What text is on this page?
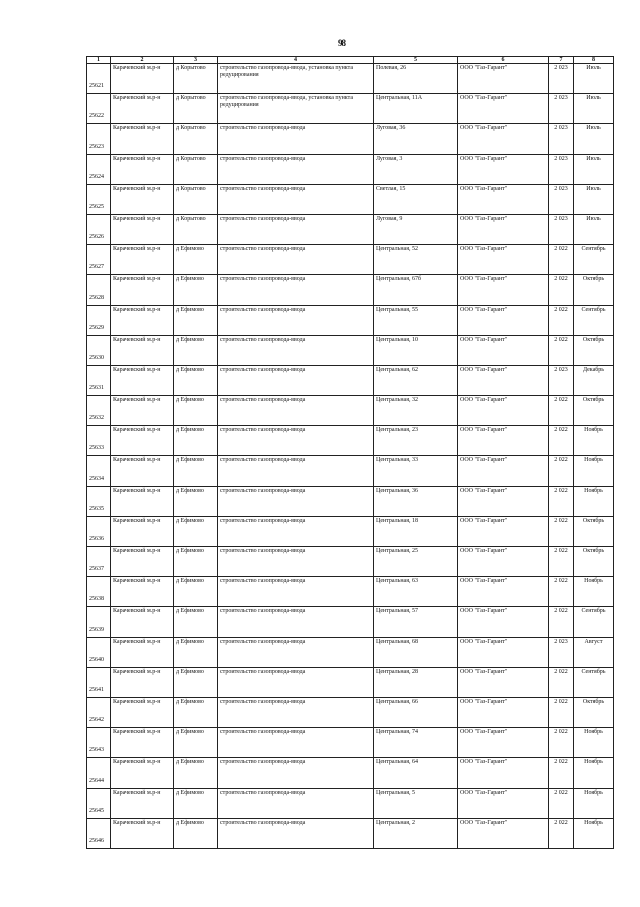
98
1	2	3	4	5	6	7	8
25621	Карачевский м.р-н	д Корытово	строительство газопровода-ввода, установка пункта редуцирования	Полевая, 26	ООО "Газ-Гарант"	2 023	Июль
25622	Карачевский м.р-н	д Корытово	строительство газопровода-ввода, установка пункта редуцирования	Центральная, 11А	ООО "Газ-Гарант"	2 023	Июль
25623	Карачевский м.р-н	д Корытово	строительство газопровода-ввода	Луговая, 36	ООО "Газ-Гарант"	2 023	Июль
25624	Карачевский м.р-н	д Корытово	строительство газопровода-ввода	Луговая, 3	ООО "Газ-Гарант"	2 023	Июль
25625	Карачевский м.р-н	д Корытово	строительство газопровода-ввода	Светлая, 15	ООО "Газ-Гарант"	2 023	Июль
25626	Карачевский м.р-н	д Корытово	строительство газопровода-ввода	Луговая, 9	ООО "Газ-Гарант"	2 023	Июль
25627	Карачевский м.р-н	д Ефимово	строительство газопровода-ввода	Центральная, 52	ООО "Газ-Гарант"	2 022	Сентябрь
25628	Карачевский м.р-н	д Ефимово	строительство газопровода-ввода	Центральная, 67б	ООО "Газ-Гарант"	2 022	Октябрь
25629	Карачевский м.р-н	д Ефимово	строительство газопровода-ввода	Центральная, 55	ООО "Газ-Гарант"	2 022	Сентябрь
25630	Карачевский м.р-н	д Ефимово	строительство газопровода-ввода	Центральная, 10	ООО "Газ-Гарант"	2 022	Октябрь
25631	Карачевский м.р-н	д Ефимово	строительство газопровода-ввода	Центральная, 62	ООО "Газ-Гарант"	2 023	Декабрь
25632	Карачевский м.р-н	д Ефимово	строительство газопровода-ввода	Центральная, 32	ООО "Газ-Гарант"	2 022	Октябрь
25633	Карачевский м.р-н	д Ефимово	строительство газопровода-ввода	Центральная, 23	ООО "Газ-Гарант"	2 022	Ноябрь
25634	Карачевский м.р-н	д Ефимово	строительство газопровода-ввода	Центральная, 33	ООО "Газ-Гарант"	2 022	Ноябрь
25635	Карачевский м.р-н	д Ефимово	строительство газопровода-ввода	Центральная, 36	ООО "Газ-Гарант"	2 022	Ноябрь
25636	Карачевский м.р-н	д Ефимово	строительство газопровода-ввода	Центральная, 18	ООО "Газ-Гарант"	2 022	Октябрь
25637	Карачевский м.р-н	д Ефимово	строительство газопровода-ввода	Центральная, 25	ООО "Газ-Гарант"	2 022	Октябрь
25638	Карачевский м.р-н	д Ефимово	строительство газопровода-ввода	Центральная, 63	ООО "Газ-Гарант"	2 022	Ноябрь
25639	Карачевский м.р-н	д Ефимово	строительство газопровода-ввода	Центральная, 57	ООО "Газ-Гарант"	2 022	Сентябрь
25640	Карачевский м.р-н	д Ефимово	строительство газопровода-ввода	Центральная, 68	ООО "Газ-Гарант"	2 023	Август
25641	Карачевский м.р-н	д Ефимово	строительство газопровода-ввода	Центральная, 28	ООО "Газ-Гарант"	2 022	Сентябрь
25642	Карачевский м.р-н	д Ефимово	строительство газопровода-ввода	Центральная, 66	ООО "Газ-Гарант"	2 022	Октябрь
25643	Карачевский м.р-н	д Ефимово	строительство газопровода-ввода	Центральная, 74	ООО "Газ-Гарант"	2 022	Ноябрь
25644	Карачевский м.р-н	д Ефимово	строительство газопровода-ввода	Центральная, 64	ООО "Газ-Гарант"	2 022	Ноябрь
25645	Карачевский м.р-н	д Ефимово	строительство газопровода-ввода	Центральная, 5	ООО "Газ-Гарант"	2 022	Ноябрь
25646	Карачевский м.р-н	д Ефимово	строительство газопровода-ввода	Центральная, 2	ООО "Газ-Гарант"	2 022	Ноябрь
